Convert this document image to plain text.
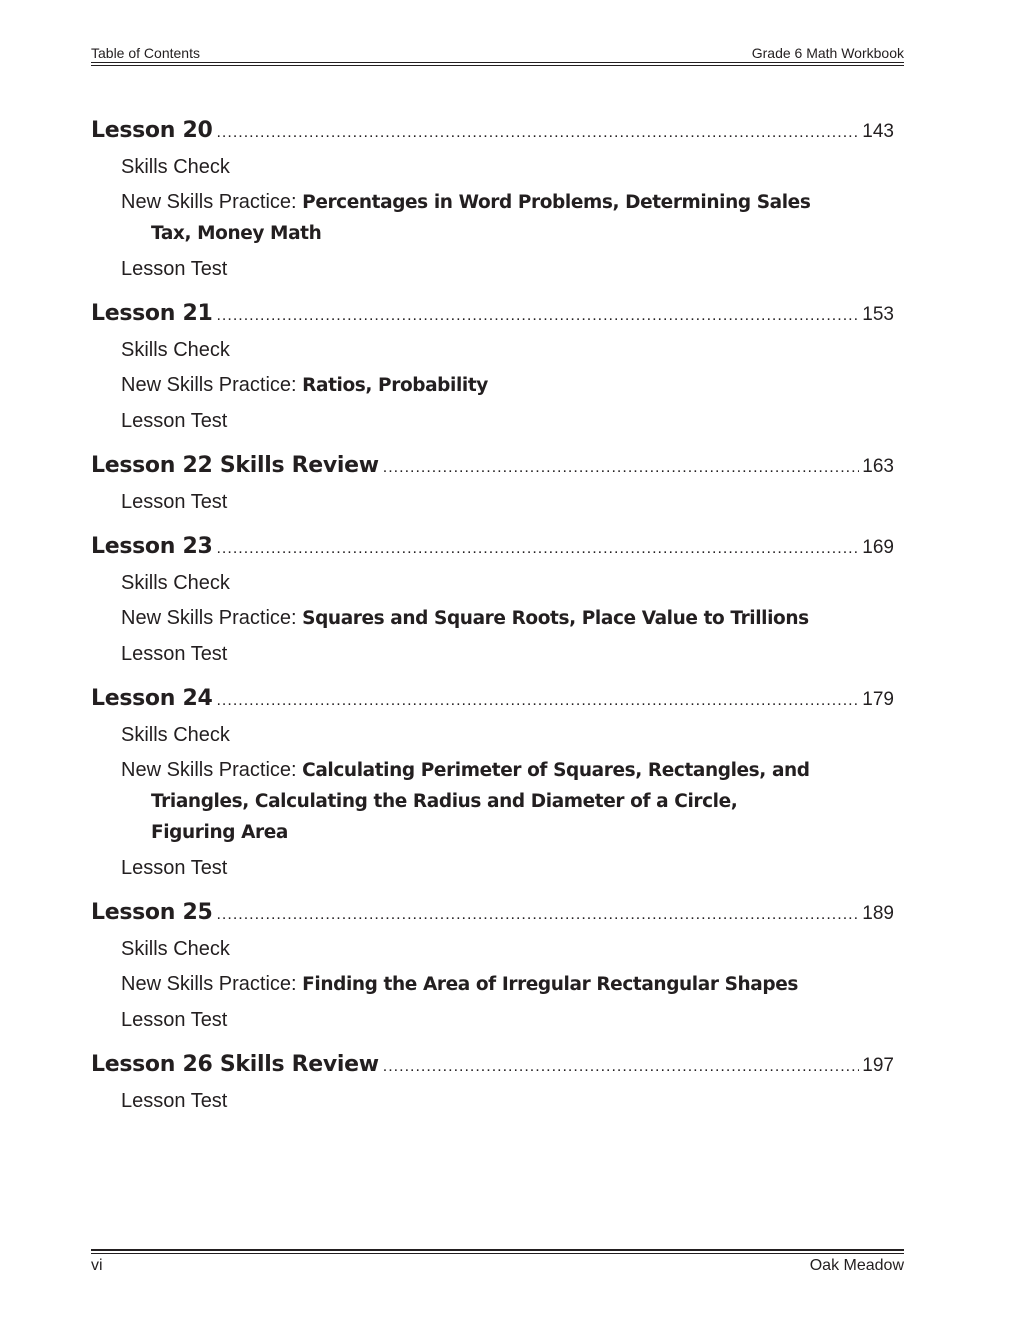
Table of Contents	Grade 6 Math Workbook
Lesson 20 .....	143
Skills Check
New Skills Practice: Percentages in Word Problems, Determining Sales Tax, Money Math
Lesson Test
Lesson 21 .....	153
Skills Check
New Skills Practice: Ratios, Probability
Lesson Test
Lesson 22 Skills Review .....	163
Lesson Test
Lesson 23 .....	169
Skills Check
New Skills Practice: Squares and Square Roots, Place Value to Trillions
Lesson Test
Lesson 24 .....	179
Skills Check
New Skills Practice: Calculating Perimeter of Squares, Rectangles, and Triangles, Calculating the Radius and Diameter of a Circle, Figuring Area
Lesson Test
Lesson 25 .....	189
Skills Check
New Skills Practice: Finding the Area of Irregular Rectangular Shapes
Lesson Test
Lesson 26 Skills Review .....	197
Lesson Test
vi	Oak Meadow
